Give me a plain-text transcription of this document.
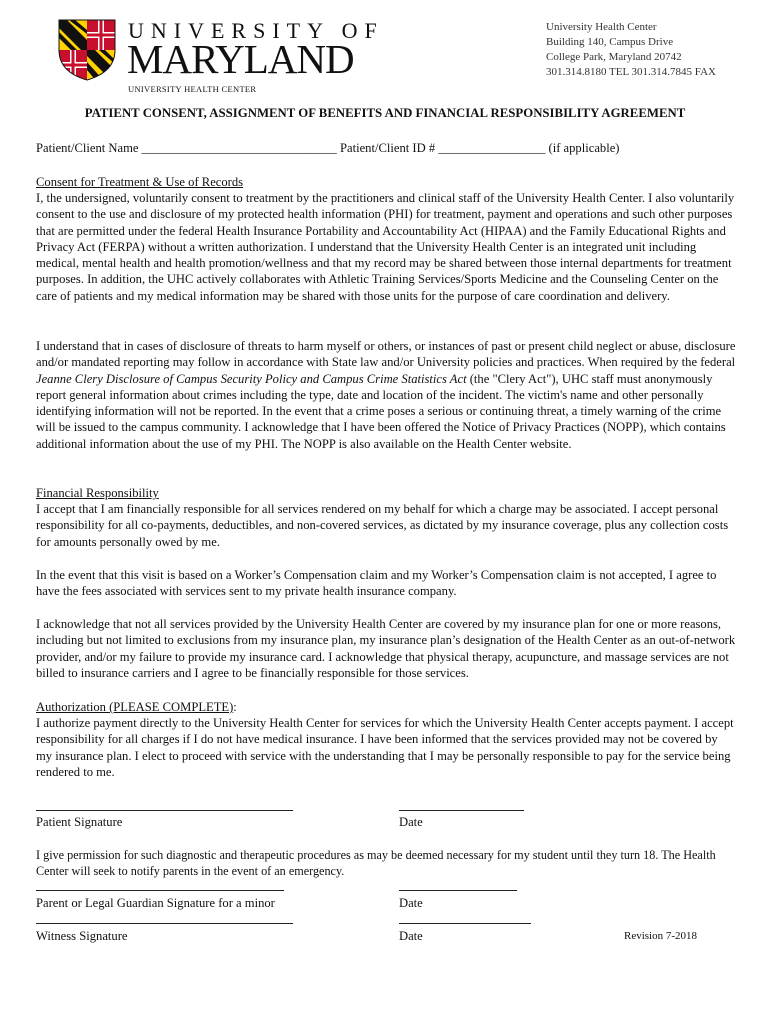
UNIVERSITY OF
MARYLAND
UNIVERSITY HEALTH CENTER
University Health Center
Building 140, Campus Drive
College Park, Maryland 20742
301.314.8180 TEL 301.314.7845 FAX
PATIENT CONSENT, ASSIGNMENT OF BENEFITS AND FINANCIAL RESPONSIBILITY AGREEMENT
Patient/Client Name _______________________________ Patient/Client ID # _________________ (if applicable)
Consent for Treatment & Use of Records

I, the undersigned, voluntarily consent to treatment by the practitioners and clinical staff of the University Health Center. I also voluntarily consent to the use and disclosure of my protected health information (PHI) for treatment, payment and operations and such other purposes that are permitted under the federal Health Insurance Portability and Accountability Act (HIPAA) and the Family Educational Rights and Privacy Act (FERPA) without a written authorization. I understand that the University Health Center is an integrated unit including medical, mental health and health promotion/wellness and that my record may be shared between those internal departments for treatment purposes. In addition, the UHC actively collaborates with Athletic Training Services/Sports Medicine and the Counseling Center on the care of patients and my medical information may be shared with those units for the purpose of care coordination and delivery.

I understand that in cases of disclosure of threats to harm myself or others, or instances of past or present child neglect or abuse, disclosure and/or mandated reporting may follow in accordance with State law and/or University policies and practices. When required by the federal Jeanne Clery Disclosure of Campus Security Policy and Campus Crime Statistics Act (the "Clery Act"), UHC staff must anonymously report general information about crimes including the type, date and location of the incident. The victim's name and other personally identifying information will not be reported. In the event that a crime poses a serious or continuing threat, a timely warning of the crime will be issued to the campus community. I acknowledge that I have been offered the Notice of Privacy Practices (NOPP), which contains additional information about the use of my PHI. The NOPP is also available on the Health Center website.

Financial Responsibility

I accept that I am financially responsible for all services rendered on my behalf for which a charge may be associated. I accept personal responsibility for all co-payments, deductibles, and non-covered services, as dictated by my insurance coverage, plus any collection costs for amounts personally owed by me.

In the event that this visit is based on a Worker’s Compensation claim and my Worker’s Compensation claim is not accepted, I agree to have the fees associated with services sent to my private health insurance company.

I acknowledge that not all services provided by the University Health Center are covered by my insurance plan for one or more reasons, including but not limited to exclusions from my insurance plan, my insurance plan’s designation of the Health Center as an out-of-network provider, and/or my failure to provide my insurance card. I acknowledge that physical therapy, acupuncture, and massage services are not billed to insurance carriers and I agree to be financially responsible for those services.

Authorization (PLEASE COMPLETE):

I authorize payment directly to the University Health Center for services for which the University Health Center accepts payment. I accept responsibility for all charges if I do not have medical insurance. I have been informed that the services provided may not be covered by my insurance plan. I elect to proceed with service with the understanding that I may be personally responsible to pay for the service being rendered to me.

Patient Signature	Date

I give permission for such diagnostic and therapeutic procedures as may be deemed necessary for my student until they turn 18. The Health Center will seek to notify parents in the event of an emergency.

Parent or Legal Guardian Signature for a minor	Date
Witness Signature	Date	Revision 7-2018
